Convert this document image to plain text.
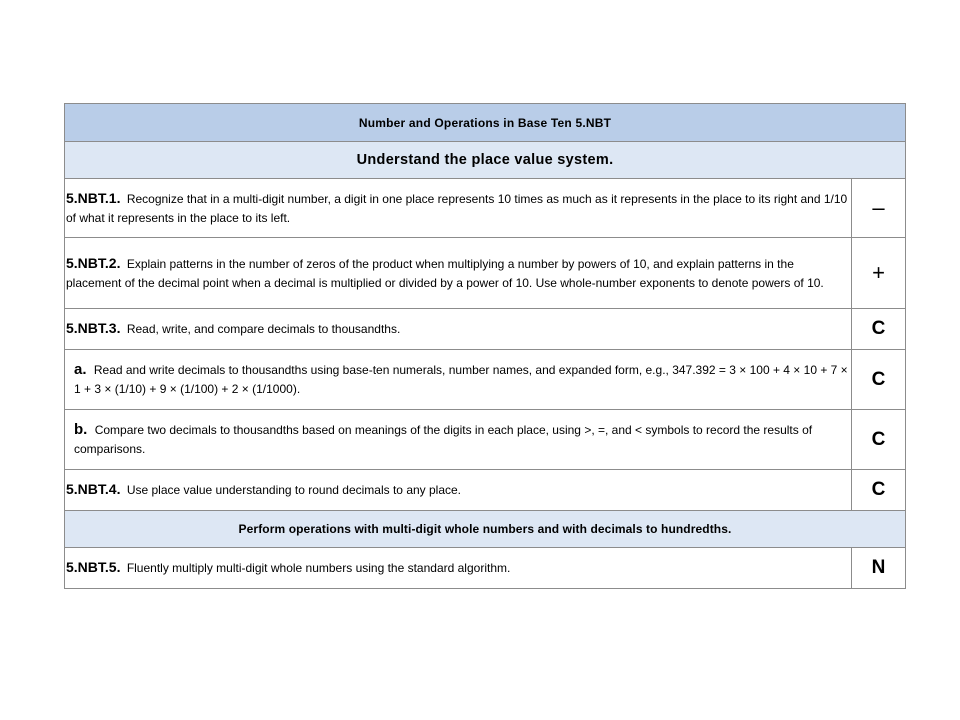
Number and Operations in Base Ten 5.NBT	
Understand the place value system.	
5.NBT.1. Recognize that in a multi-digit number, a digit in one place represents 10 times as much as it represents in the place to its right and 1/10 of what it represents in the place to its left.	–
5.NBT.2. Explain patterns in the number of zeros of the product when multiplying a number by powers of 10, and explain patterns in the placement of the decimal point when a decimal is multiplied or divided by a power of 10. Use whole-number exponents to denote powers of 10.	+
5.NBT.3. Read, write, and compare decimals to thousandths.	C
a. Read and write decimals to thousandths using base-ten numerals, number names, and expanded form, e.g., 347.392 = 3 × 100 + 4 × 10 + 7 × 1 + 3 × (1/10) + 9 × (1/100) + 2 × (1/1000).	C
b. Compare two decimals to thousandths based on meanings of the digits in each place, using >, =, and < symbols to record the results of comparisons.	C
5.NBT.4. Use place value understanding to round decimals to any place.	C
Perform operations with multi-digit whole numbers and with decimals to hundredths.	
5.NBT.5. Fluently multiply multi-digit whole numbers using the standard algorithm.	N
